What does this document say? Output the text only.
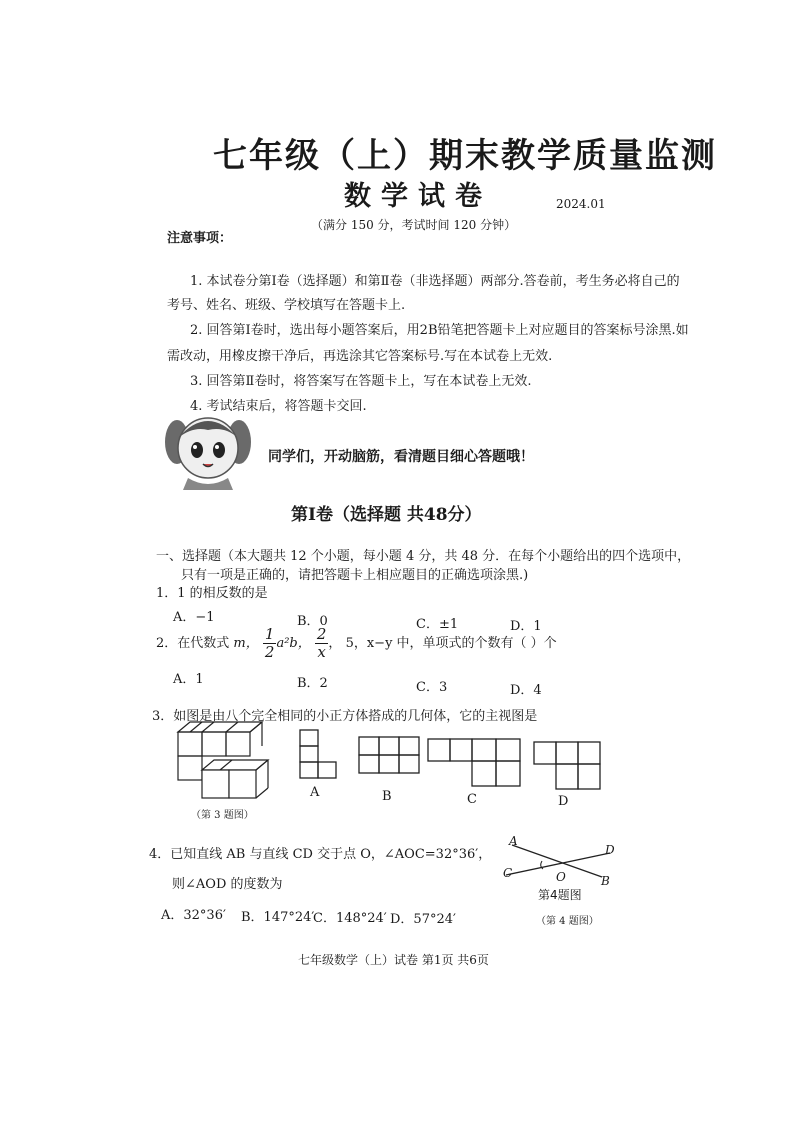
七年级（上）期末教学质量监测
数学试卷	2024.01
（满分 150 分，考试时间 120 分钟）
注意事项：
1. 本试卷分第Ⅰ卷（选择题）和第Ⅱ卷（非选择题）两部分.答卷前，考生务必将自己的
考号、姓名、班级、学校填写在答题卡上.
2. 回答第Ⅰ卷时，选出每小题答案后，用2B铅笔把答题卡上对应题目的答案标号涂黑.如
需改动，用橡皮擦干净后，再选涂其它答案标号.写在本试卷上无效.
3. 回答第Ⅱ卷时，将答案写在答题卡上，写在本试卷上无效.
4. 考试结束后，将答题卡交回.
同学们，开动脑筋，看清题目细心答题哦！
第Ⅰ卷（选择题 共48分）
一、选择题（本大题共 12 个小题，每小题 4 分，共 48 分．在每个小题给出的四个选项中，
只有一项是正确的，请把答题卡上相应题目的正确选项涂黑.)
1．1 的相反数的是
A．−1	B．0	C．±1	D．1
2．在代数式 m， $\frac{1}{2} a^2b$， $\frac{2}{x}$ ， 5，x−y 中，单项式的个数有（ ）个
A．1	B．2	C．3	D．4
3．如图是由八个完全相同的小正方体搭成的几何体，它的主视图是
（第 3 题图）
A	B	C	D
4．已知直线 AB 与直线 CD 交于点 O，∠AOC=32°36′，
则∠AOD 的度数为
A．32°36′ B．147°24′
C．148°24′ D．57°24′
A
D
C	O	B
第4题图
（第 4 题图）
七年级数学（上）试卷 第1页 共6页
